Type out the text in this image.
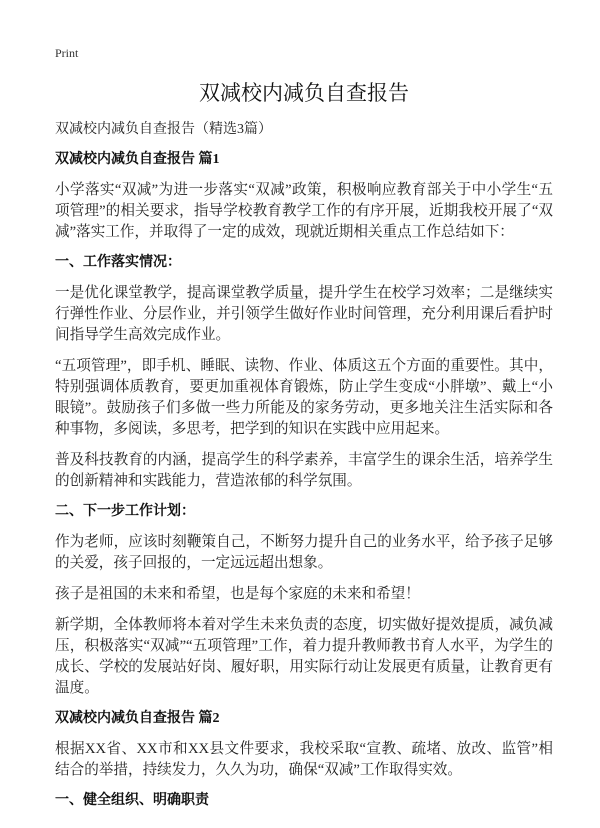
Print
双减校内减负自查报告
双减校内减负自查报告（精选3篇）
双减校内减负自查报告 篇1

小学落实“双减”为进一步落实“双减”政策，积极响应教育部关于中小学生“五项管理”的相关要求，指导学校教育教学工作的有序开展，近期我校开展了“双减”落实工作，并取得了一定的成效，现就近期相关重点工作总结如下：

一、工作落实情况：

一是优化课堂教学，提高课堂教学质量，提升学生在校学习效率；二是继续实行弹性作业、分层作业，并引领学生做好作业时间管理，充分利用课后看护时间指导学生高效完成作业。

“五项管理”，即手机、睡眠、读物、作业、体质这五个方面的重要性。其中，特别强调体质教育，要更加重视体育锻炼，防止学生变成“小胖墩”、戴上“小眼镜”。鼓励孩子们多做一些力所能及的家务劳动，更多地关注生活实际和各种事物，多阅读，多思考，把学到的知识在实践中应用起来。

普及科技教育的内涵，提高学生的科学素养，丰富学生的课余生活，培养学生的创新精神和实践能力，营造浓郁的科学氛围。

二、下一步工作计划：

作为老师，应该时刻鞭策自己，不断努力提升自己的业务水平，给予孩子足够的关爱，孩子回报的，一定远远超出想象。

孩子是祖国的未来和希望，也是每个家庭的未来和希望！

新学期，全体教师将本着对学生未来负责的态度，切实做好提效提质，减负减压，积极落实“双减”“五项管理”工作，着力提升教师教书育人水平，为学生的成长、学校的发展站好岗、履好职，用实际行动让发展更有质量，让教育更有温度。

双减校内减负自查报告 篇2

根据XX省、XX市和XX县文件要求，我校采取“宣教、疏堵、放改、监管”相结合的举措，持续发力，久久为功，确保“双减”工作取得实效。

一、健全组织、明确职责
